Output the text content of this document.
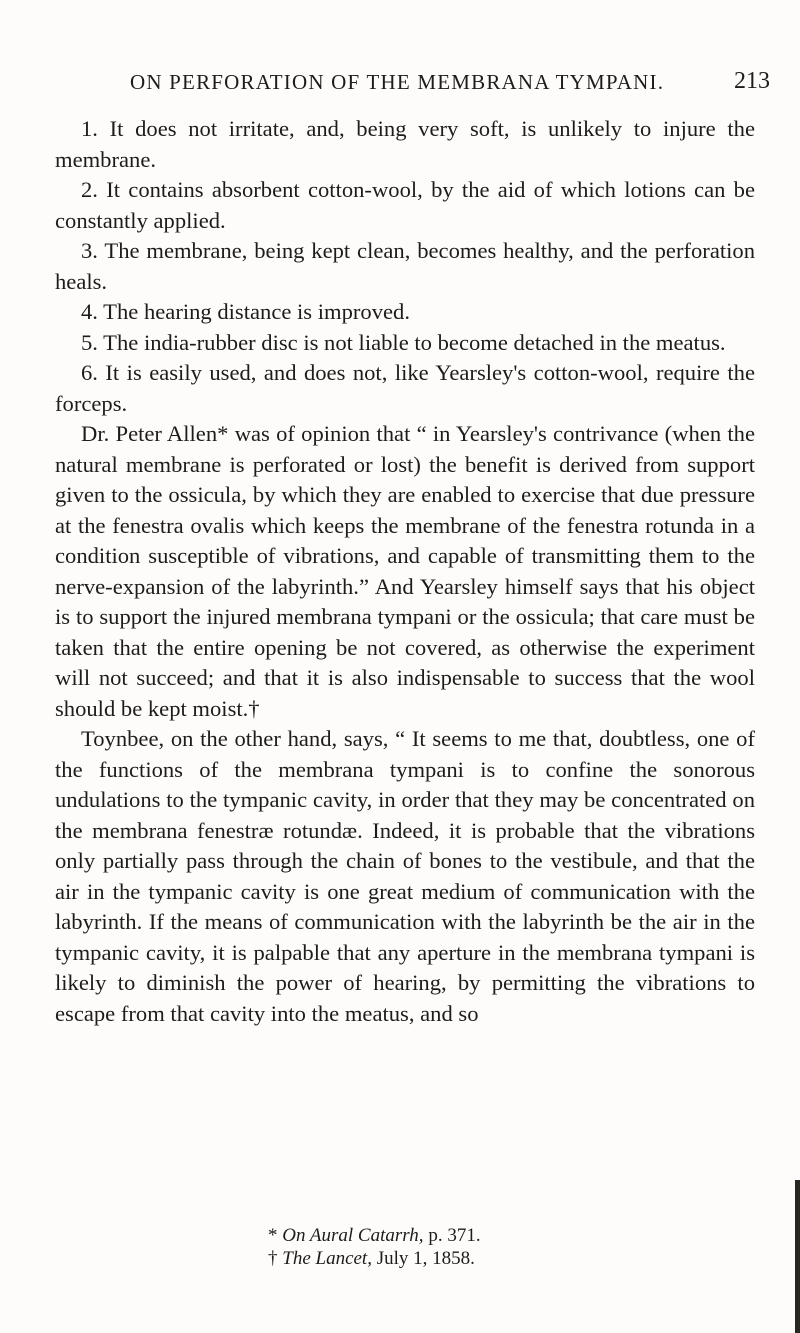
ON PERFORATION OF THE MEMBRANA TYMPANI.	213

1. It does not irritate, and, being very soft, is unlikely to injure the membrane.

2. It contains absorbent cotton-wool, by the aid of which lotions can be constantly applied.

3. The membrane, being kept clean, becomes healthy, and the perforation heals.

4. The hearing distance is improved.

5. The india-rubber disc is not liable to become detached in the meatus.

6. It is easily used, and does not, like Yearsley's cotton-wool, require the forceps.

Dr. Peter Allen* was of opinion that “ in Yearsley's contrivance (when the natural membrane is perforated or lost) the benefit is derived from support given to the ossicula, by which they are enabled to exercise that due pressure at the fenestra ovalis which keeps the membrane of the fenestra rotunda in a condition susceptible of vibrations, and capable of transmitting them to the nerve-expansion of the labyrinth.” And Yearsley himself says that his object is to support the injured membrana tympani or the ossicula; that care must be taken that the entire opening be not covered, as otherwise the experiment will not succeed; and that it is also indispensable to success that the wool should be kept moist.†

Toynbee, on the other hand, says, “ It seems to me that, doubtless, one of the functions of the membrana tympani is to confine the sonorous undulations to the tympanic cavity, in order that they may be concentrated on the membrana fenestræ rotundæ. Indeed, it is probable that the vibrations only partially pass through the chain of bones to the vestibule, and that the air in the tympanic cavity is one great medium of communication with the labyrinth. If the means of communication with the labyrinth be the air in the tympanic cavity, it is palpable that any aperture in the membrana tympani is likely to diminish the power of hearing, by permitting the vibrations to escape from that cavity into the meatus, and so

* On Aural Catarrh, p. 371.
† The Lancet, July 1, 1858.
